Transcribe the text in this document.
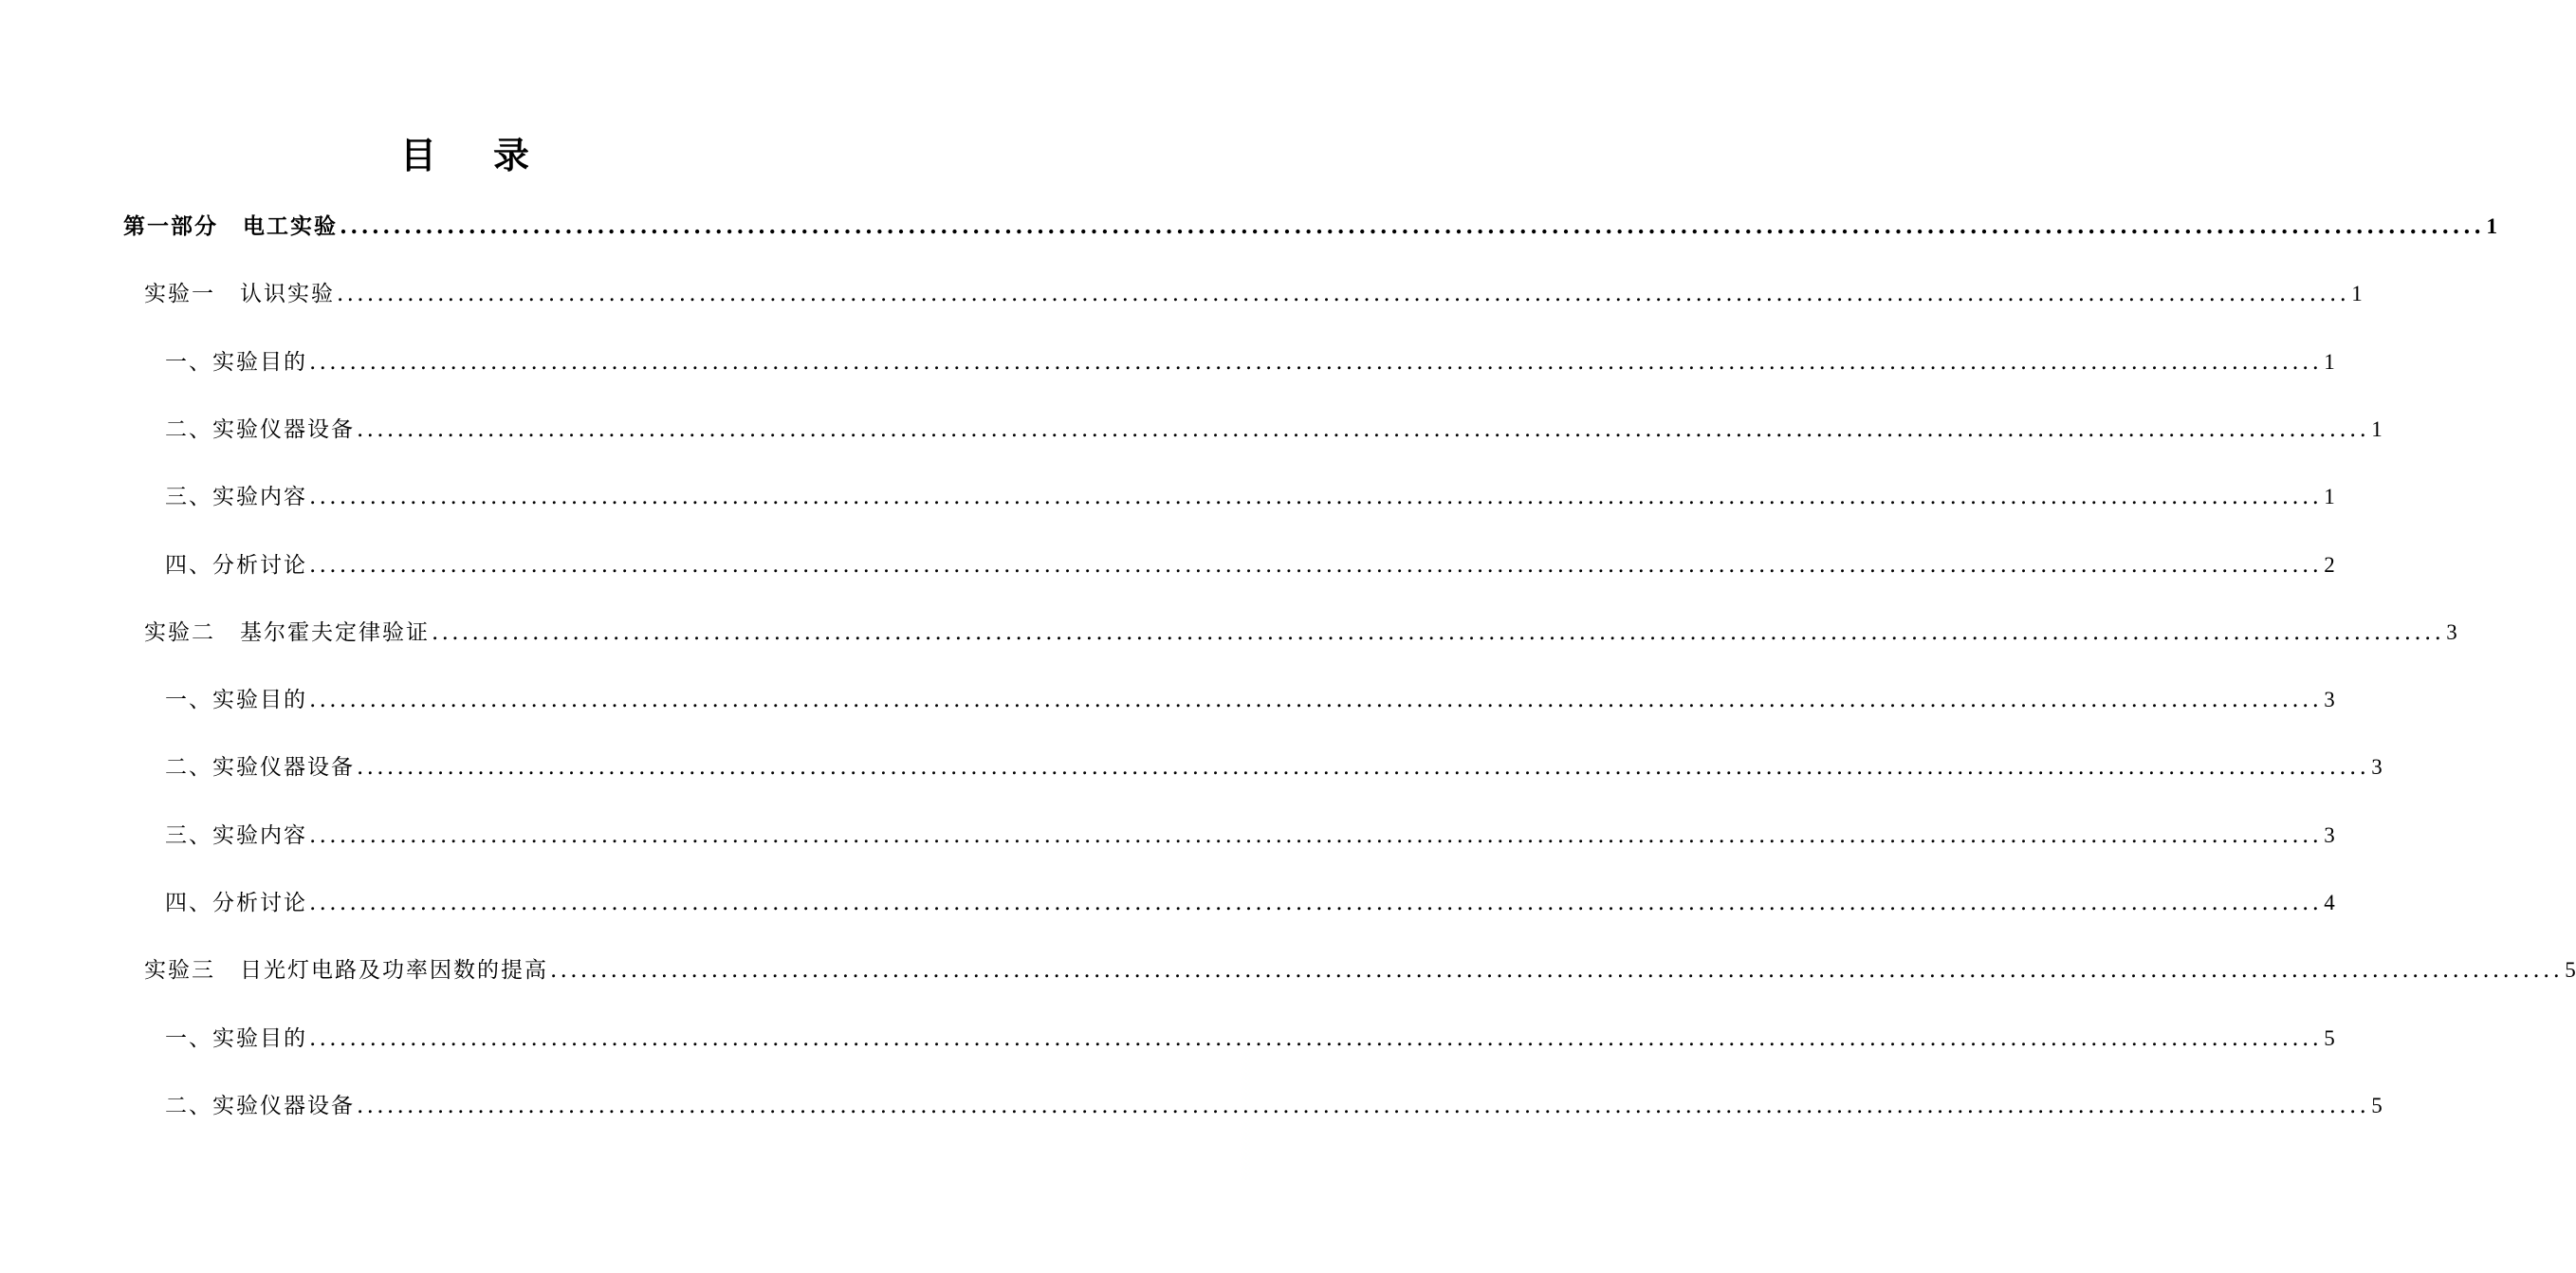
目 录
第一部分 电工实验 ........................................................................................................................................................................................................ 1
实验一 认识实验 ........................................................................................................................................................................................................ 1
一、实验目的 ........................................................................................................................................................................................................ 1
二、实验仪器设备 ........................................................................................................................................................................................................ 1
三、实验内容 ........................................................................................................................................................................................................ 1
四、分析讨论 ........................................................................................................................................................................................................ 2
实验二 基尔霍夫定律验证 ........................................................................................................................................................................................................ 3
一、实验目的 ........................................................................................................................................................................................................ 3
二、实验仪器设备 ........................................................................................................................................................................................................ 3
三、实验内容 ........................................................................................................................................................................................................ 3
四、分析讨论 ........................................................................................................................................................................................................ 4
实验三 日光灯电路及功率因数的提高 ........................................................................................................................................................................................................ 5
一、实验目的 ........................................................................................................................................................................................................ 5
二、实验仪器设备 ........................................................................................................................................................................................................ 5
